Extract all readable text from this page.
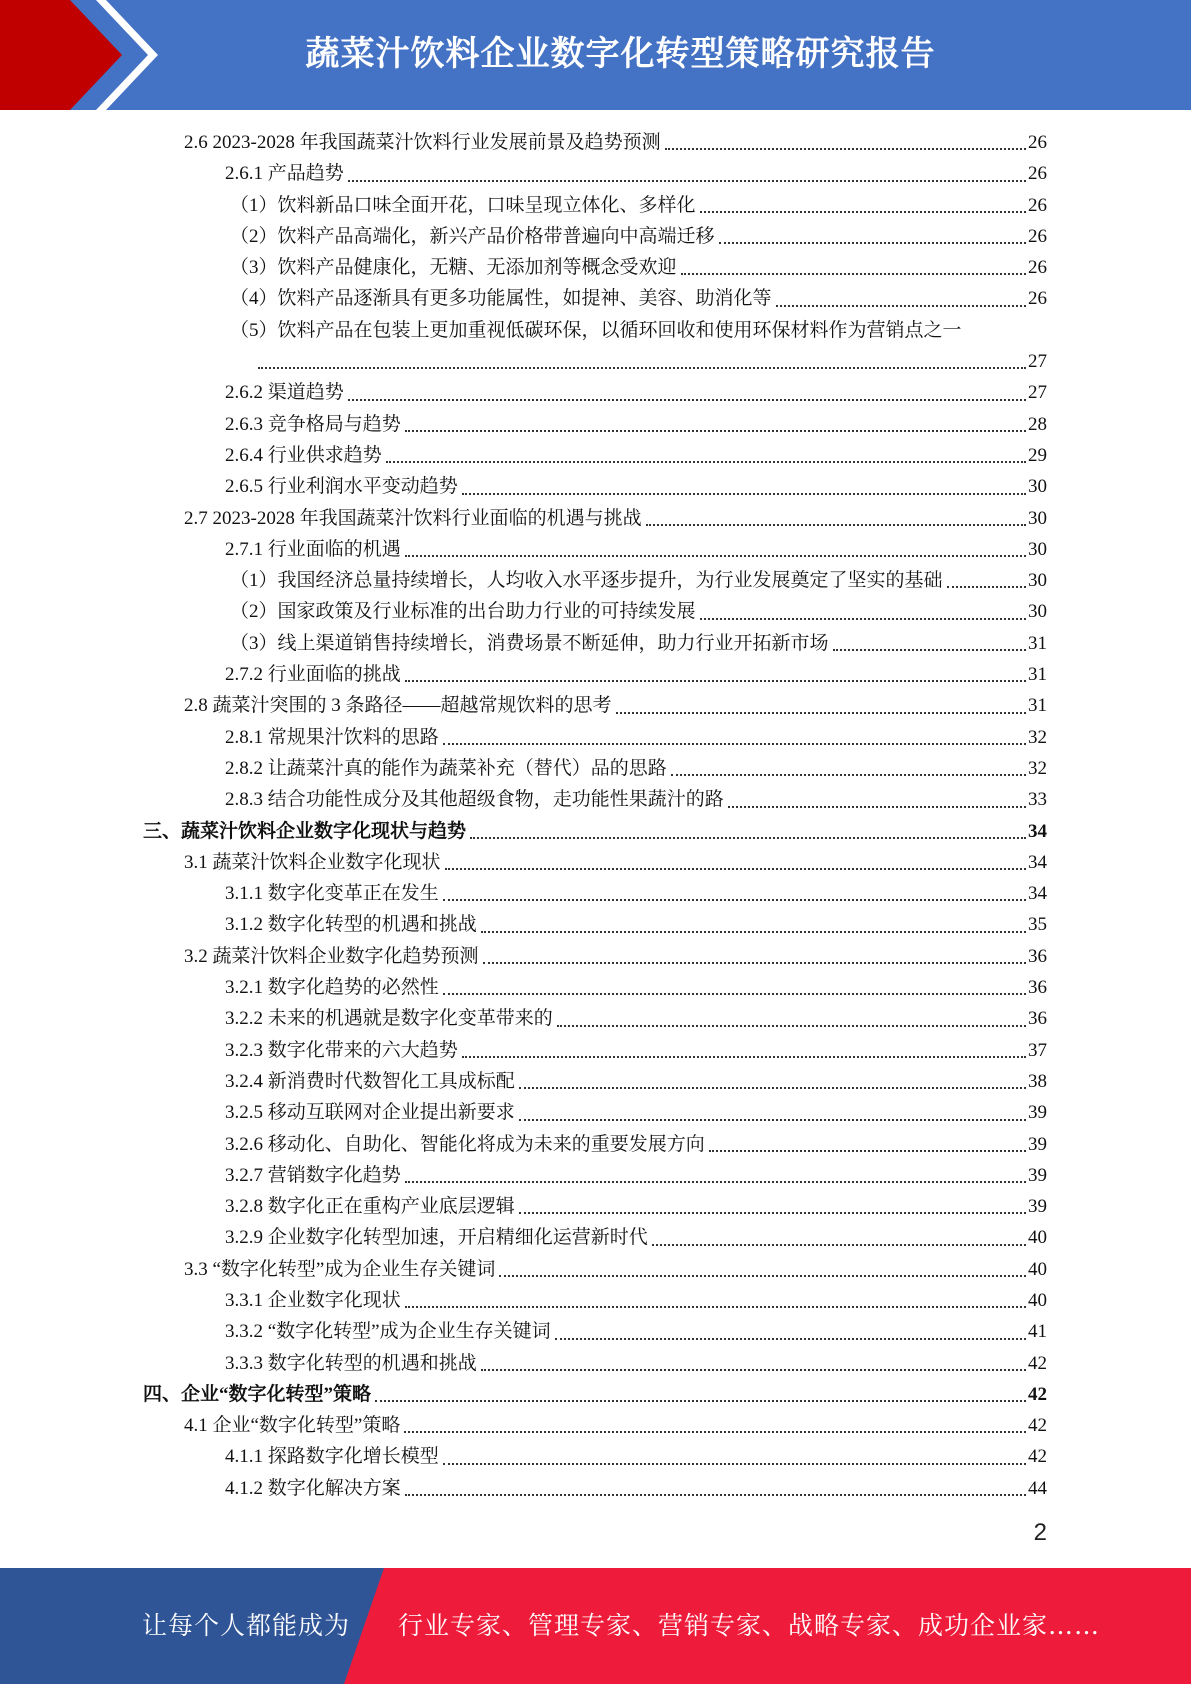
蔬菜汁饮料企业数字化转型策略研究报告
2.6 2023-2028 年我国蔬菜汁饮料行业发展前景及趋势预测	26
2.6.1 产品趋势	26
（1）饮料新品口味全面开花，口味呈现立体化、多样化	26
（2）饮料产品高端化，新兴产品价格带普遍向中高端迁移	26
（3）饮料产品健康化，无糖、无添加剂等概念受欢迎	26
（4）饮料产品逐渐具有更多功能属性，如提神、美容、助消化等	26
（5）饮料产品在包装上更加重视低碳环保，以循环回收和使用环保材料作为营销点之一
27
2.6.2 渠道趋势	27
2.6.3 竞争格局与趋势	28
2.6.4 行业供求趋势	29
2.6.5 行业利润水平变动趋势	30
2.7 2023-2028 年我国蔬菜汁饮料行业面临的机遇与挑战	30
2.7.1 行业面临的机遇	30
（1）我国经济总量持续增长，人均收入水平逐步提升，为行业发展奠定了坚实的基础	30
（2）国家政策及行业标准的出台助力行业的可持续发展	30
（3）线上渠道销售持续增长，消费场景不断延伸，助力行业开拓新市场	31
2.7.2 行业面临的挑战	31
2.8 蔬菜汁突围的 3 条路径——超越常规饮料的思考	31
2.8.1 常规果汁饮料的思路	32
2.8.2 让蔬菜汁真的能作为蔬菜补充（替代）品的思路	32
2.8.3 结合功能性成分及其他超级食物，走功能性果蔬汁的路	33
三、蔬菜汁饮料企业数字化现状与趋势	34
3.1 蔬菜汁饮料企业数字化现状	34
3.1.1 数字化变革正在发生	34
3.1.2 数字化转型的机遇和挑战	35
3.2 蔬菜汁饮料企业数字化趋势预测	36
3.2.1 数字化趋势的必然性	36
3.2.2 未来的机遇就是数字化变革带来的	36
3.2.3 数字化带来的六大趋势	37
3.2.4 新消费时代数智化工具成标配	38
3.2.5 移动互联网对企业提出新要求	39
3.2.6 移动化、自助化、智能化将成为未来的重要发展方向	39
3.2.7 营销数字化趋势	39
3.2.8 数字化正在重构产业底层逻辑	39
3.2.9 企业数字化转型加速，开启精细化运营新时代	40
3.3 “数字化转型”成为企业生存关键词	40
3.3.1 企业数字化现状	40
3.3.2 “数字化转型”成为企业生存关键词	41
3.3.3 数字化转型的机遇和挑战	42
四、企业“数字化转型”策略	42
4.1 企业“数字化转型”策略	42
4.1.1 探路数字化增长模型	42
4.1.2 数字化解决方案	44
2
让每个人都能成为 行业专家、管理专家、营销专家、战略专家、成功企业家……
